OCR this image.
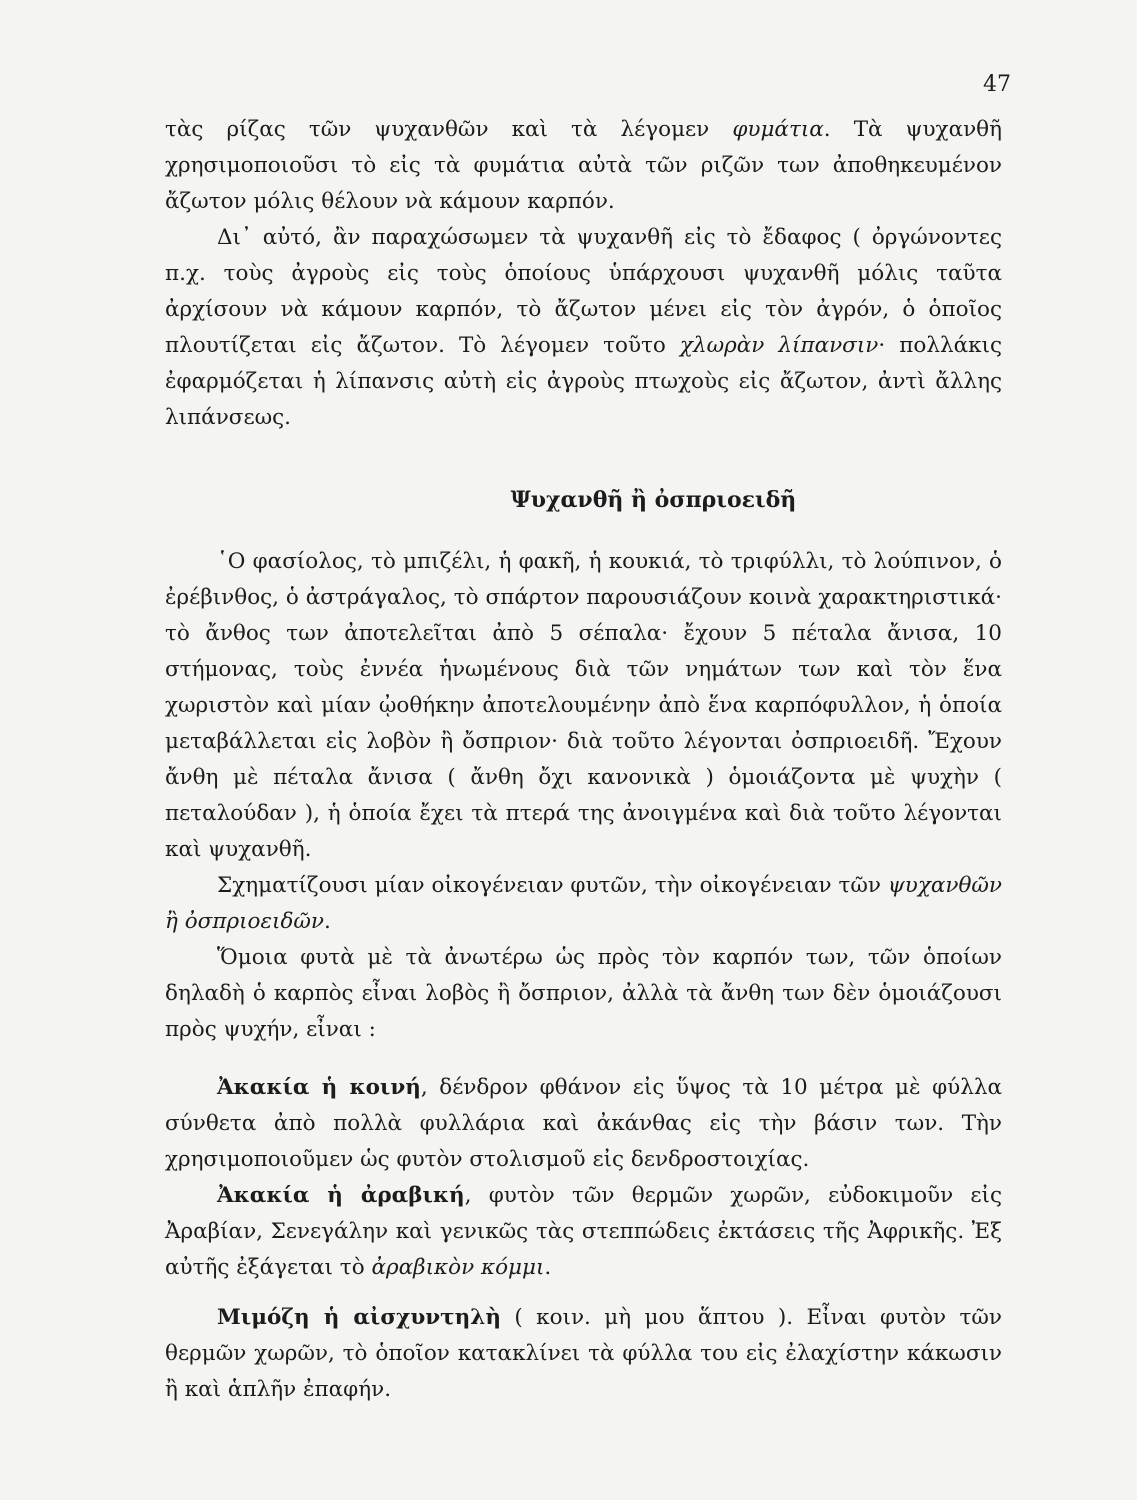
47

τὰς ρίζας τῶν ψυχανθῶν καὶ τὰ λέγομεν φυμάτια. Τὰ ψυχανθῆ χρησιμοποιοῦσι τὸ εἰς τὰ φυμάτια αὐτὰ τῶν ριζῶν των ἀποθηκευμένον ἄζωτον μόλις θέλουν νὰ κάμουν καρπόν.

Δι᾿ αὐτό, ἂν παραχώσωμεν τὰ ψυχανθῆ εἰς τὸ ἔδαφος ( ὀργώνοντες π.χ. τοὺς ἀγροὺς εἰς τοὺς ὁποίους ὑπάρχουσι ψυχανθῆ μόλις ταῦτα ἀρχίσουν νὰ κάμουν καρπόν, τὸ ἄζωτον μένει εἰς τὸν ἀγρόν, ὁ ὁποῖος πλουτίζεται εἰς ἄζωτον. Τὸ λέγομεν τοῦτο χλωρὰν λίπανσιν· πολλάκις ἐφαρμόζεται ἡ λίπανσις αὐτὴ εἰς ἀγροὺς πτωχοὺς εἰς ἄζωτον, ἀντὶ ἄλλης λιπάνσεως.

Ψυχανθῆ ἢ ὀσπριοειδῆ

῾Ο φασίολος, τὸ μπιζέλι, ἡ φακῆ, ἡ κουκιά, τὸ τριφύλλι, τὸ λούπινον, ὁ ἐρέβινθος, ὁ ἀστράγαλος, τὸ σπάρτον παρουσιάζουν κοινὰ χαρακτηριστικά· τὸ ἄνθος των ἀποτελεῖται ἀπὸ 5 σέπαλα· ἔχουν 5 πέταλα ἄνισα, 10 στήμονας, τοὺς ἐννέα ἡνωμένους διὰ τῶν νημάτων των καὶ τὸν ἕνα χωριστὸν καὶ μίαν ᾠοθήκην ἀποτελουμένην ἀπὸ ἕνα καρπόφυλλον, ἡ ὁποία μεταβάλλεται εἰς λοβὸν ἢ ὄσπριον· διὰ τοῦτο λέγονται ὀσπριοειδῆ. Ἔχουν ἄνθη μὲ πέταλα ἄνισα ( ἄνθη ὄχι κανονικὰ ) ὁμοιάζοντα μὲ ψυχὴν ( πεταλούδαν ), ἡ ὁποία ἔχει τὰ πτερά της ἀνοιγμένα καὶ διὰ τοῦτο λέγονται καὶ ψυχανθῆ.

Σχηματίζουσι μίαν οἰκογένειαν φυτῶν, τὴν οἰκογένειαν τῶν ψυχανθῶν ἢ ὀσπριοειδῶν.

Ὅμοια φυτὰ μὲ τὰ ἀνωτέρω ὡς πρὸς τὸν καρπόν των, τῶν ὁποίων δηλαδὴ ὁ καρπὸς εἶναι λοβὸς ἢ ὄσπριον, ἀλλὰ τὰ ἄνθη των δὲν ὁμοιάζουσι πρὸς ψυχήν, εἶναι :

Ἀκακία ἡ κοινή, δένδρον φθάνον εἰς ὕψος τὰ 10 μέτρα μὲ φύλλα σύνθετα ἀπὸ πολλὰ φυλλάρια καὶ ἀκάνθας εἰς τὴν βάσιν των. Τὴν χρησιμοποιοῦμεν ὡς φυτὸν στολισμοῦ εἰς δενδροστοιχίας.

Ἀκακία ἡ ἀραβική, φυτὸν τῶν θερμῶν χωρῶν, εὐδοκιμοῦν εἰς Ἀραβίαν, Σενεγάλην καὶ γενικῶς τὰς στεππώδεις ἐκτάσεις τῆς Ἀφρικῆς. Ἐξ αὐτῆς ἐξάγεται τὸ ἀραβικὸν κόμμι.

Μιμόζη ἡ αἰσχυντηλὴ ( κοιν. μὴ μου ἅπτου ). Εἶναι φυτὸν τῶν θερμῶν χωρῶν, τὸ ὁποῖον κατακλίνει τὰ φύλλα του εἰς ἐλαχίστην κάκωσιν ἢ καὶ ἁπλῆν ἐπαφήν.
